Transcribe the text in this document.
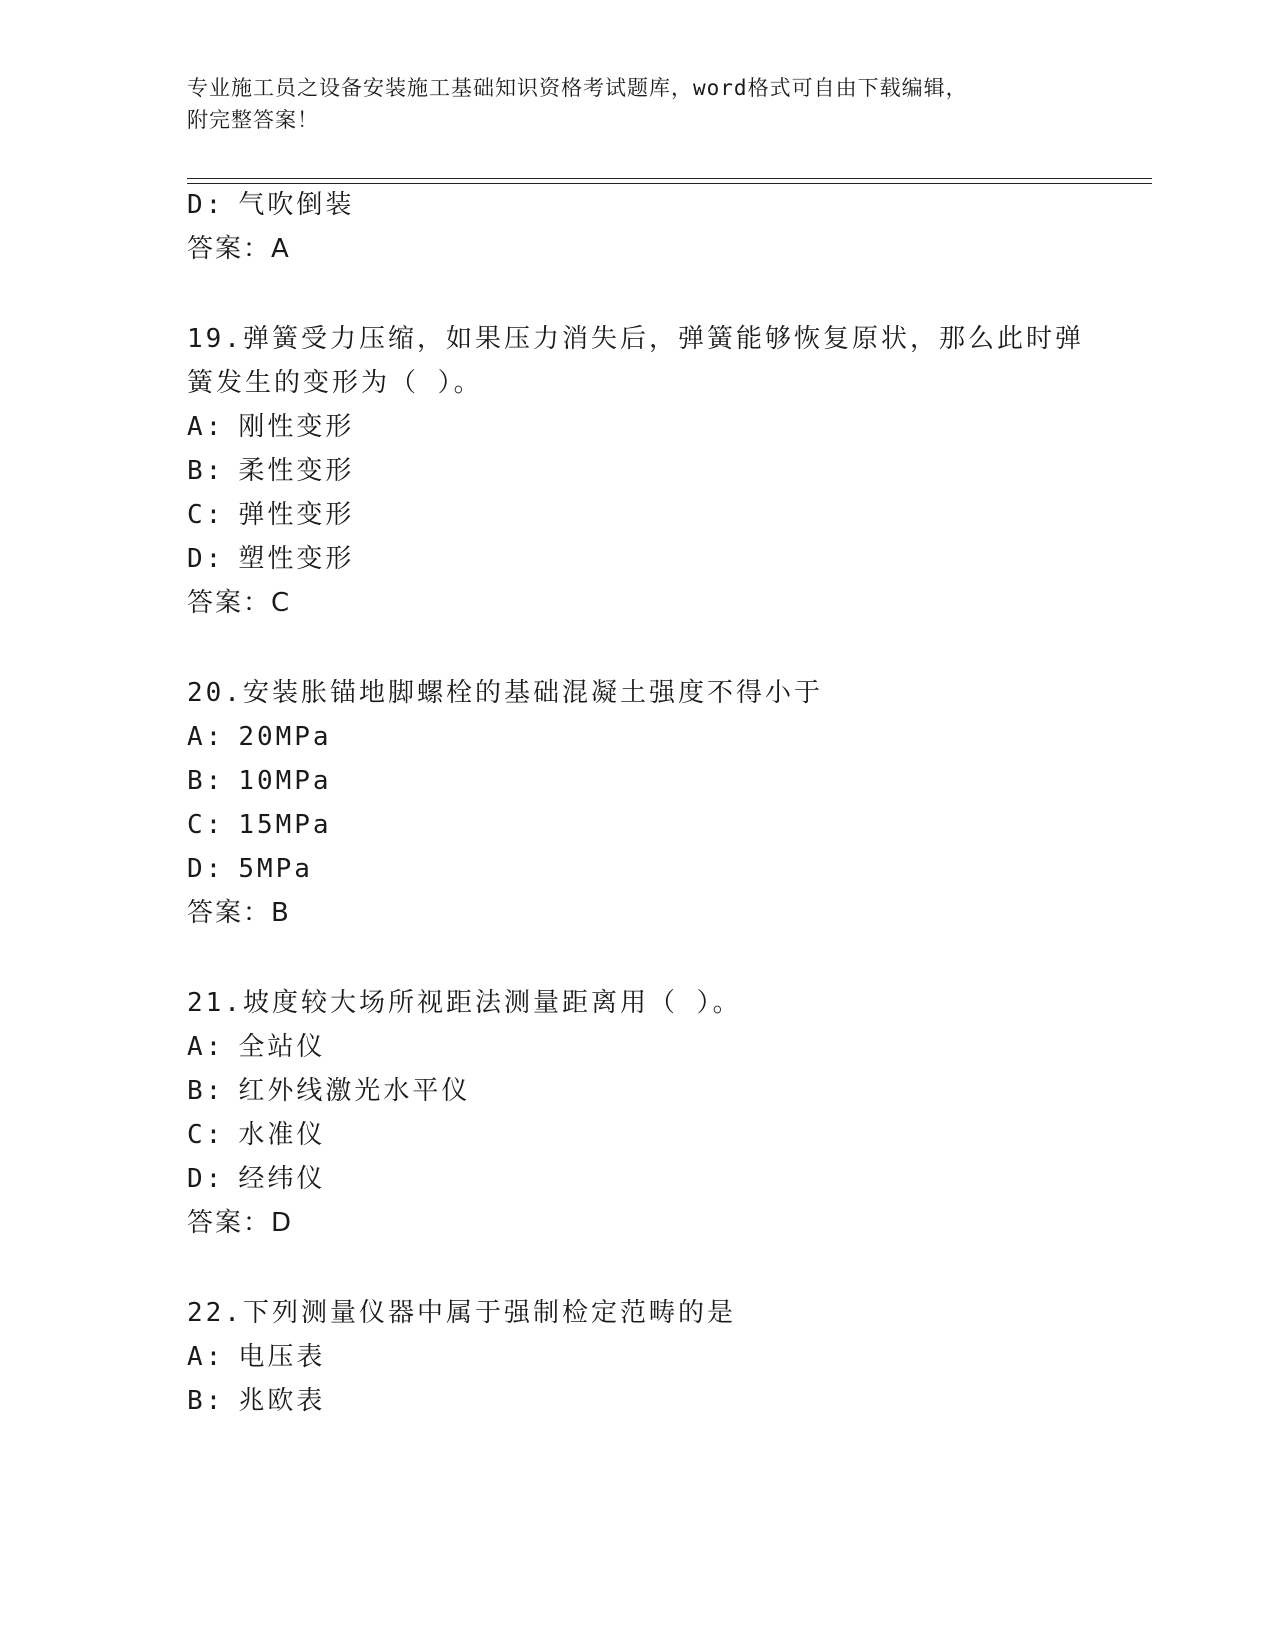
专业施工员之设备安装施工基础知识资格考试题库，word格式可自由下载编辑，
附完整答案！
D: 气吹倒装
答案：A
19.弹簧受力压缩，如果压力消失后，弹簧能够恢复原状，那么此时弹
簧发生的变形为（ ）。
A: 刚性变形
B: 柔性变形
C: 弹性变形
D: 塑性变形
答案：C
20.安装胀锚地脚螺栓的基础混凝土强度不得小于
A: 20MPa
B: 10MPa
C: 15MPa
D: 5MPa
答案：B
21.坡度较大场所视距法测量距离用（ ）。
A: 全站仪
B: 红外线激光水平仪
C: 水准仪
D: 经纬仪
答案：D
22.下列测量仪器中属于强制检定范畴的是
A: 电压表
B: 兆欧表
